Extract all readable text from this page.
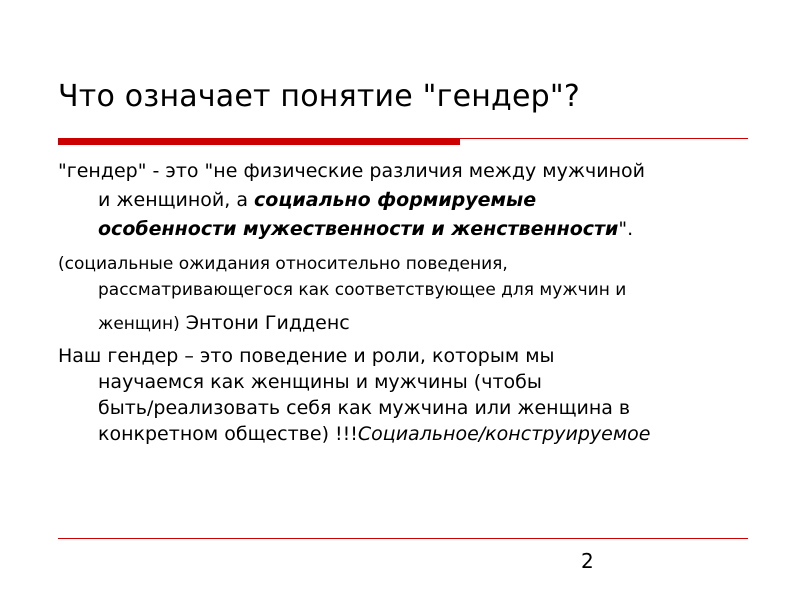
Что означает понятие "гендер"?
"гендер" - это "не физические различия между мужчиной
и женщиной, а социально формируемые
особенности мужественности и женственности".
(социальные ожидания относительно поведения,
рассматривающегося как соответствующее для мужчин и
женщин) Энтони Гидденс
Наш гендер – это поведение и роли, которым мы
научаемся как женщины и мужчины (чтобы
быть/реализовать себя как мужчина или женщина в
конкретном обществе) !!!Социальное/конструируемое
2
